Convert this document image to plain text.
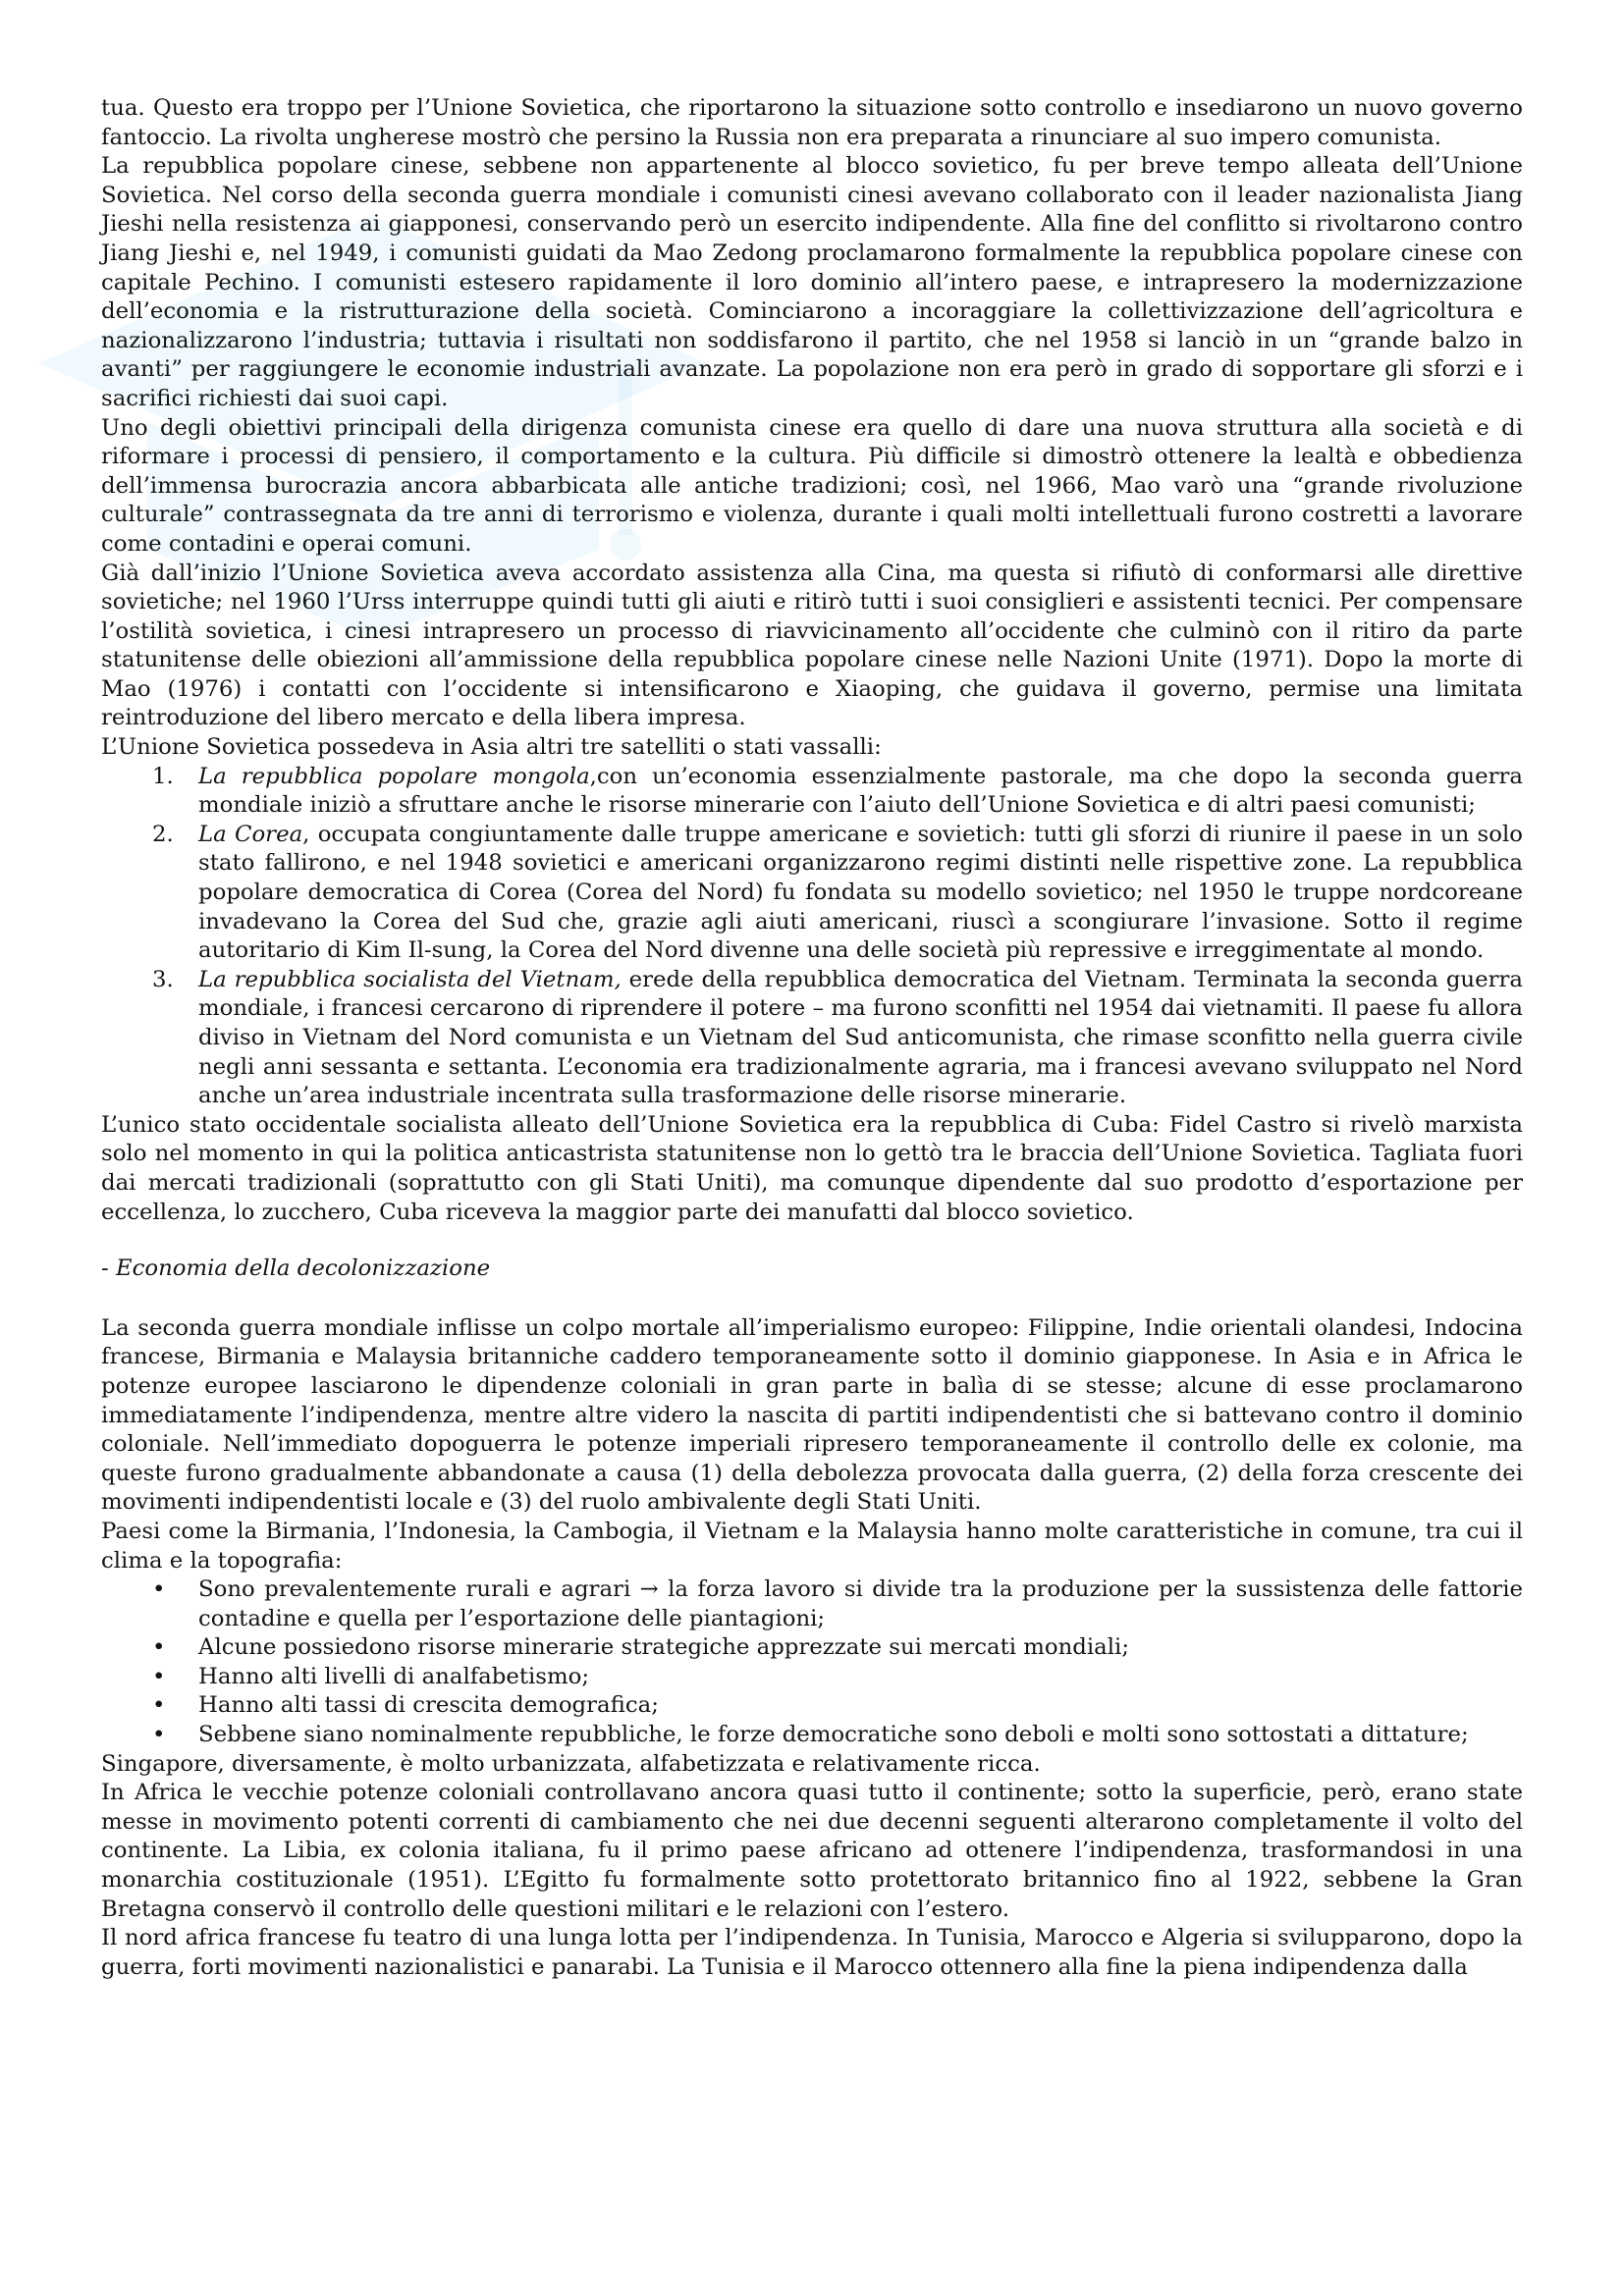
tua. Questo era troppo per l’Unione Sovietica, che riportarono la situazione sotto controllo e insediarono un nuovo governo fantoccio. La rivolta ungherese mostrò che persino la Russia non era preparata a rinunciare al suo impero comunista.

La repubblica popolare cinese, sebbene non appartenente al blocco sovietico, fu per breve tempo alleata dell’Unione Sovietica. Nel corso della seconda guerra mondiale i comunisti cinesi avevano collaborato con il leader nazionalista Jiang Jieshi nella resistenza ai giapponesi, conservando però un esercito indipendente. Alla fine del conflitto si rivoltarono contro Jiang Jieshi e, nel 1949, i comunisti guidati da Mao Zedong proclamarono formalmente la repubblica popolare cinese con capitale Pechino. I comunisti estesero rapidamente il loro dominio all’intero paese, e intrapresero la modernizzazione dell’economia e la ristrutturazione della società. Cominciarono a incoraggiare la collettivizzazione dell’agricoltura e nazionalizzarono l’industria; tuttavia i risultati non soddisfarono il partito, che nel 1958 si lanciò in un “grande balzo in avanti” per raggiungere le economie industriali avanzate. La popolazione non era però in grado di sopportare gli sforzi e i sacrifici richiesti dai suoi capi.

Uno degli obiettivi principali della dirigenza comunista cinese era quello di dare una nuova struttura alla società e di riformare i processi di pensiero, il comportamento e la cultura. Più difficile si dimostrò ottenere la lealtà e obbedienza dell’immensa burocrazia ancora abbarbicata alle antiche tradizioni; così, nel 1966, Mao varò una “grande rivoluzione culturale” contrassegnata da tre anni di terrorismo e violenza, durante i quali molti intellettuali furono costretti a lavorare come contadini e operai comuni.

Già dall’inizio l’Unione Sovietica aveva accordato assistenza alla Cina, ma questa si rifiutò di conformarsi alle direttive sovietiche; nel 1960 l’Urss interruppe quindi tutti gli aiuti e ritirò tutti i suoi consiglieri e assistenti tecnici. Per compensare l’ostilità sovietica, i cinesi intrapresero un processo di riavvicinamento all’occidente che culminò con il ritiro da parte statunitense delle obiezioni all’ammissione della repubblica popolare cinese nelle Nazioni Unite (1971). Dopo la morte di Mao (1976) i contatti con l’occidente si intensificarono e Xiaoping, che guidava il governo, permise una limitata reintroduzione del libero mercato e della libera impresa.

L’Unione Sovietica possedeva in Asia altri tre satelliti o stati vassalli:

La repubblica popolare mongola,con un’economia essenzialmente pastorale, ma che dopo la seconda guerra mondiale iniziò a sfruttare anche le risorse minerarie con l’aiuto dell’Unione Sovietica e di altri paesi comunisti;
La Corea, occupata congiuntamente dalle truppe americane e sovietich: tutti gli sforzi di riunire il paese in un solo stato fallirono, e nel 1948 sovietici e americani organizzarono regimi distinti nelle rispettive zone. La repubblica popolare democratica di Corea (Corea del Nord) fu fondata su modello sovietico; nel 1950 le truppe nordcoreane invadevano la Corea del Sud che, grazie agli aiuti americani, riuscì a scongiurare l’invasione. Sotto il regime autoritario di Kim Il-sung, la Corea del Nord divenne una delle società più repressive e irreggimentate al mondo.
La repubblica socialista del Vietnam, erede della repubblica democratica del Vietnam. Terminata la seconda guerra mondiale, i francesi cercarono di riprendere il potere – ma furono sconfitti nel 1954 dai vietnamiti. Il paese fu allora diviso in Vietnam del Nord comunista e un Vietnam del Sud anticomunista, che rimase sconfitto nella guerra civile negli anni sessanta e settanta. L’economia era tradizionalmente agraria, ma i francesi avevano sviluppato nel Nord anche un’area industriale incentrata sulla trasformazione delle risorse minerarie.

L’unico stato occidentale socialista alleato dell’Unione Sovietica era la repubblica di Cuba: Fidel Castro si rivelò marxista solo nel momento in qui la politica anticastrista statunitense non lo gettò tra le braccia dell’Unione Sovietica. Tagliata fuori dai mercati tradizionali (soprattutto con gli Stati Uniti), ma comunque dipendente dal suo prodotto d’esportazione per eccellenza, lo zucchero, Cuba riceveva la maggior parte dei manufatti dal blocco sovietico.

- Economia della decolonizzazione

La seconda guerra mondiale inflisse un colpo mortale all’imperialismo europeo: Filippine, Indie orientali olandesi, Indocina francese, Birmania e Malaysia britanniche caddero temporaneamente sotto il dominio giapponese. In Asia e in Africa le potenze europee lasciarono le dipendenze coloniali in gran parte in balìa di se stesse; alcune di esse proclamarono immediatamente l’indipendenza, mentre altre videro la nascita di partiti indipendentisti che si battevano contro il dominio coloniale. Nell’immediato dopoguerra le potenze imperiali ripresero temporaneamente il controllo delle ex colonie, ma queste furono gradualmente abbandonate a causa (1) della debolezza provocata dalla guerra, (2) della forza crescente dei movimenti indipendentisti locale e (3) del ruolo ambivalente degli Stati Uniti.

Paesi come la Birmania, l’Indonesia, la Cambogia, il Vietnam e la Malaysia hanno molte caratteristiche in comune, tra cui il clima e la topografia:

• Sono prevalentemente rurali e agrari → la forza lavoro si divide tra la produzione per la sussistenza delle fattorie contadine e quella per l’esportazione delle piantagioni;
• Alcune possiedono risorse minerarie strategiche apprezzate sui mercati mondiali;
• Hanno alti livelli di analfabetismo;
• Hanno alti tassi di crescita demografica;
• Sebbene siano nominalmente repubbliche, le forze democratiche sono deboli e molti sono sottostati a dittature;

Singapore, diversamente, è molto urbanizzata, alfabetizzata e relativamente ricca.

In Africa le vecchie potenze coloniali controllavano ancora quasi tutto il continente; sotto la superficie, però, erano state messe in movimento potenti correnti di cambiamento che nei due decenni seguenti alterarono completamente il volto del continente. La Libia, ex colonia italiana, fu il primo paese africano ad ottenere l’indipendenza, trasformandosi in una monarchia costituzionale (1951). L’Egitto fu formalmente sotto protettorato britannico fino al 1922, sebbene la Gran Bretagna conservò il controllo delle questioni militari e le relazioni con l’estero.

Il nord africa francese fu teatro di una lunga lotta per l’indipendenza. In Tunisia, Marocco e Algeria si svilupparono, dopo la guerra, forti movimenti nazionalistici e panarabi. La Tunisia e il Marocco ottennero alla fine la piena indipendenza dalla
